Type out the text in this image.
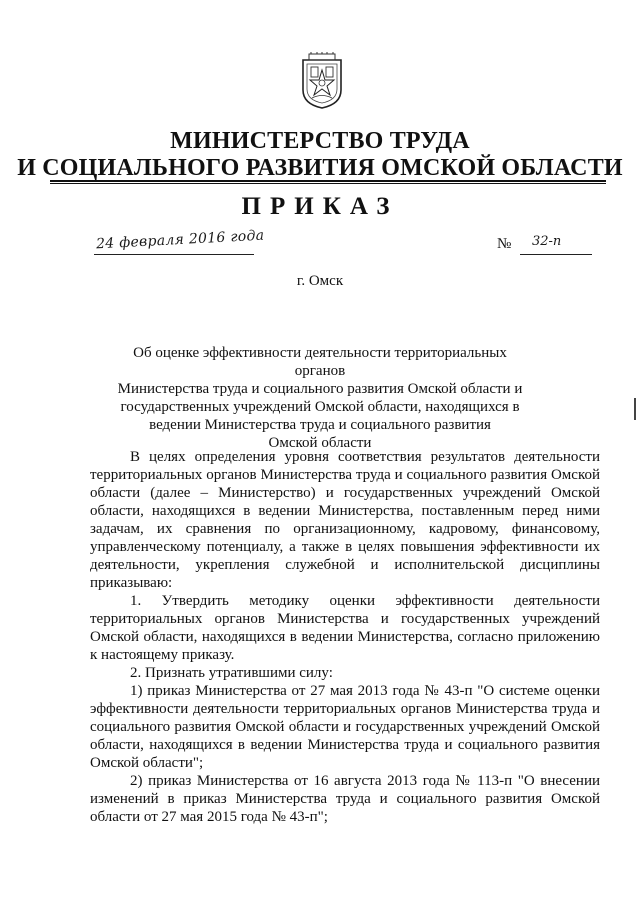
МИНИСТЕРСТВО ТРУДА
И СОЦИАЛЬНОГО РАЗВИТИЯ ОМСКОЙ ОБЛАСТИ
ПРИКАЗ
24 февраля 2016 года	№ 32-п
г. Омск
Об оценке эффективности деятельности территориальных органов
Министерства труда и социального развития Омской области и
государственных учреждений Омской области, находящихся в
ведении Министерства труда и социального развития
Омской области

В целях определения уровня соответствия результатов деятельности территориальных органов Министерства труда и социального развития Омской области (далее – Министерство) и государственных учреждений Омской области, находящихся в ведении Министерства, поставленным перед ними задачам, их сравнения по организационному, кадровому, финансовому, управленческому потенциалу, а также в целях повышения эффективности их деятельности, укрепления служебной и исполнительской дисциплины приказываю:

1. Утвердить методику оценки эффективности деятельности территориальных органов Министерства и государственных учреждений Омской области, находящихся в ведении Министерства, согласно приложению к настоящему приказу.

2. Признать утратившими силу:

1) приказ Министерства от 27 мая 2013 года № 43-п "О системе оценки эффективности деятельности территориальных органов Министерства труда и социального развития Омской области и государственных учреждений Омской области, находящихся в ведении Министерства труда и социального развития Омской области";

2) приказ Министерства от 16 августа 2013 года № 113-п "О внесении изменений в приказ Министерства труда и социального развития Омской области от 27 мая 2015 года № 43-п";
